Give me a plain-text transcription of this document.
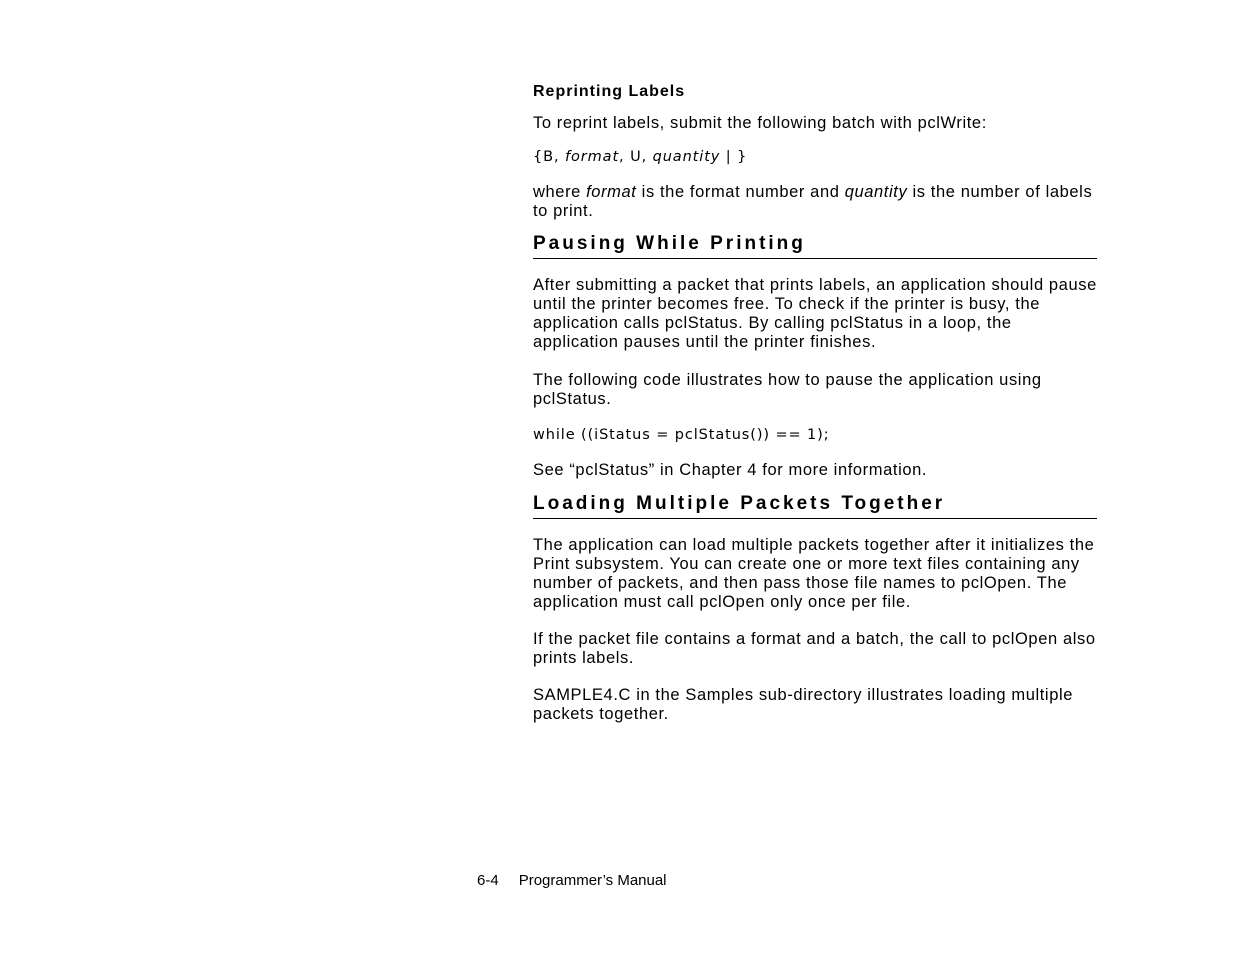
Reprinting Labels

To reprint labels, submit the following batch with pclWrite:

{B, format, U, quantity | }

where format is the format number and quantity is the number of labels to print.

Pausing While Printing

After submitting a packet that prints labels, an application should pause until the printer becomes free. To check if the printer is busy, the application calls pclStatus. By calling pclStatus in a loop, the application pauses until the printer finishes.

The following code illustrates how to pause the application using pclStatus.

while ((iStatus = pclStatus()) == 1);

See “pclStatus” in Chapter 4 for more information.

Loading Multiple Packets Together

The application can load multiple packets together after it initializes the Print subsystem. You can create one or more text files containing any number of packets, and then pass those file names to pclOpen. The application must call pclOpen only once per file.

If the packet file contains a format and a batch, the call to pclOpen also prints labels.

SAMPLE4.C in the Samples sub-directory illustrates loading multiple packets together.

6-4 Programmer’s Manual
